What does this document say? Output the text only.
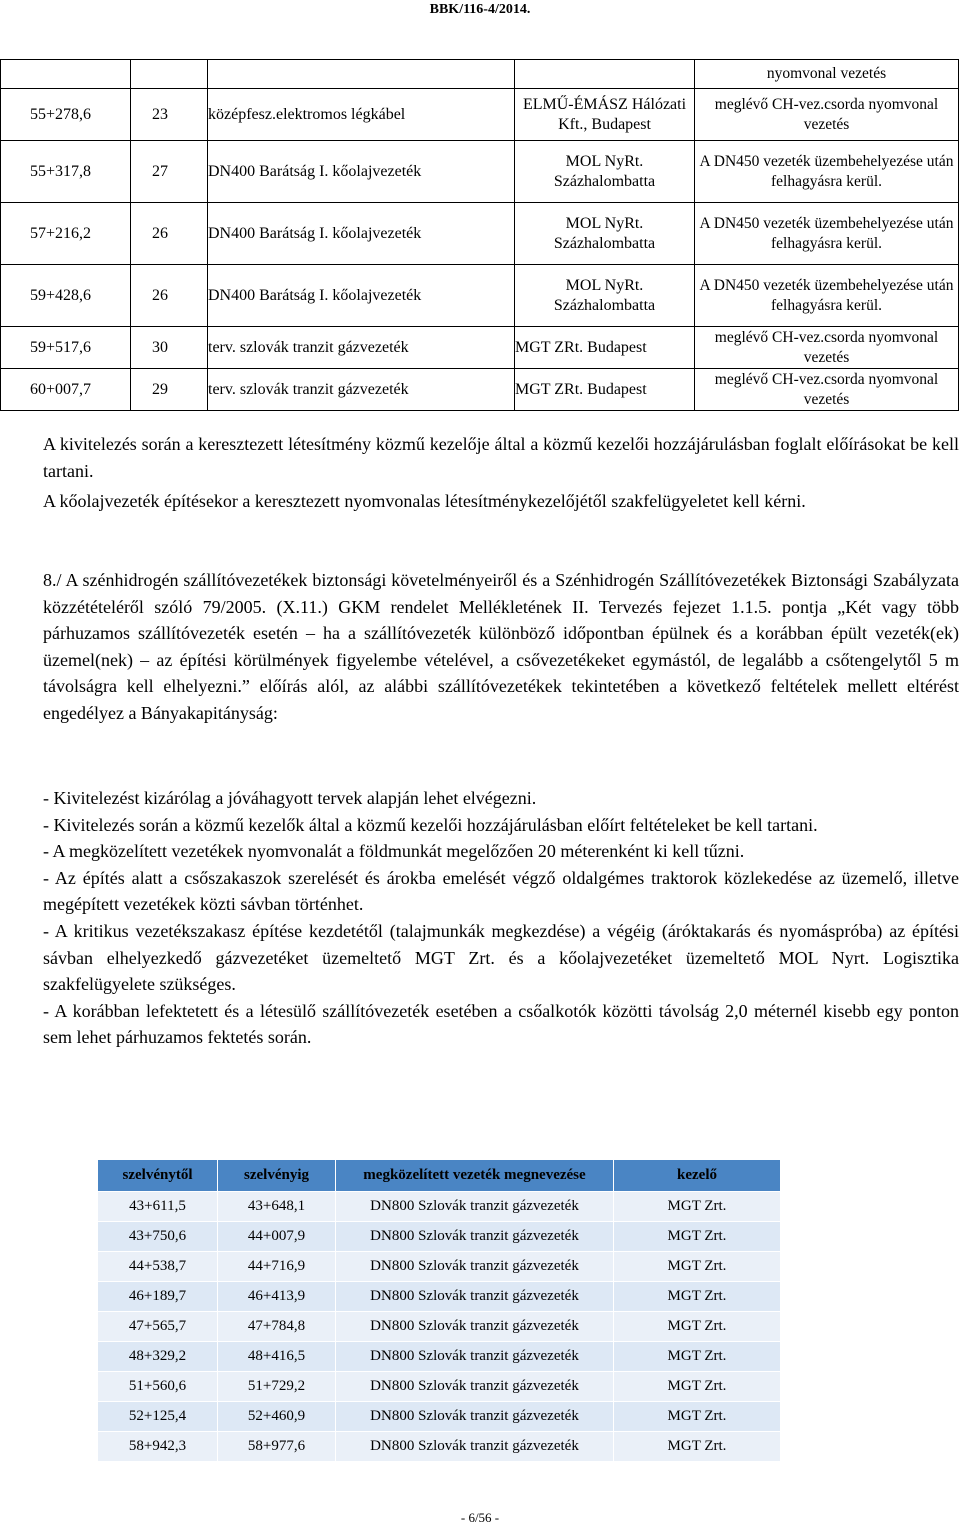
BBK/116-4/2014.
				nyomvonal vezetés
55+278,6	23	középfesz.elektromos légkábel	ELMŰ-ÉMÁSZ Hálózati Kft., Budapest	meglévő CH-vez.csorda nyomvonal vezetés
55+317,8	27	DN400 Barátság I. kőolajvezeték	MOL NyRt. Százhalombatta	A DN450 vezeték üzembehelyezése után felhagyásra kerül.
57+216,2	26	DN400 Barátság I. kőolajvezeték	MOL NyRt. Százhalombatta	A DN450 vezeték üzembehelyezése után felhagyásra kerül.
59+428,6	26	DN400 Barátság I. kőolajvezeték	MOL NyRt. Százhalombatta	A DN450 vezeték üzembehelyezése után felhagyásra kerül.
59+517,6	30	terv. szlovák tranzit gázvezeték	MGT ZRt. Budapest	meglévő CH-vez.csorda nyomvonal vezetés
60+007,7	29	terv. szlovák tranzit gázvezeték	MGT ZRt. Budapest	meglévő CH-vez.csorda nyomvonal vezetés
A kivitelezés során a keresztezett létesítmény közmű kezelője által a közmű kezelői hozzájárulásban foglalt előírásokat be kell tartani.
A kőolajvezeték építésekor a keresztezett nyomvonalas létesítménykezelőjétől szakfelügyeletet kell kérni.
8./ A szénhidrogén szállítóvezetékek biztonsági követelményeiről és a Szénhidrogén Szállítóvezetékek Biztonsági Szabályzata közzétételéről szóló 79/2005. (X.11.) GKM rendelet Mellékletének II. Tervezés fejezet 1.1.5. pontja „Két vagy több párhuzamos szállítóvezeték esetén – ha a szállítóvezeték különböző időpontban épülnek és a korábban épült vezeték(ek) üzemel(nek) – az építési körülmények figyelembe vételével, a csővezetékeket egymástól, de legalább a csőtengelytől 5 m távolságra kell elhelyezni.” előírás alól, az alábbi szállítóvezetékek tekintetében a következő feltételek mellett eltérést engedélyez a Bányakapitányság:

- Kivitelezést kizárólag a jóváhagyott tervek alapján lehet elvégezni.

- Kivitelezés során a közmű kezelők által a közmű kezelői hozzájárulásban előírt feltételeket be kell tartani.

- A megközelített vezetékek nyomvonalát a földmunkát megelőzően 20 méterenként ki kell tűzni.

- Az építés alatt a csőszakaszok szerelését és árokba emelését végző oldalgémes traktorok közlekedése az üzemelő, illetve megépített vezetékek közti sávban történhet.

- A kritikus vezetékszakasz építése kezdetétől (talajmunkák megkezdése) a végéig (áróktakarás és nyomáspróba) az építési sávban elhelyezkedő gázvezetéket üzemeltető MGT Zrt. és a kőolajvezetéket üzemeltető MOL Nyrt. Logisztika szakfelügyelete szükséges.

- A korábban lefektetett és a létesülő szállítóvezeték esetében a csőalkotók közötti távolság 2,0 méternél kisebb egy ponton sem lehet párhuzamos fektetés során.

szelvénytől	szelvényig	megközelített vezeték megnevezése	kezelő
43+611,5	43+648,1	DN800 Szlovák tranzit gázvezeték	MGT Zrt.
43+750,6	44+007,9	DN800 Szlovák tranzit gázvezeték	MGT Zrt.
44+538,7	44+716,9	DN800 Szlovák tranzit gázvezeték	MGT Zrt.
46+189,7	46+413,9	DN800 Szlovák tranzit gázvezeték	MGT Zrt.
47+565,7	47+784,8	DN800 Szlovák tranzit gázvezeték	MGT Zrt.
48+329,2	48+416,5	DN800 Szlovák tranzit gázvezeték	MGT Zrt.
51+560,6	51+729,2	DN800 Szlovák tranzit gázvezeték	MGT Zrt.
52+125,4	52+460,9	DN800 Szlovák tranzit gázvezeték	MGT Zrt.
58+942,3	58+977,6	DN800 Szlovák tranzit gázvezeték	MGT Zrt.
- 6/56 -
